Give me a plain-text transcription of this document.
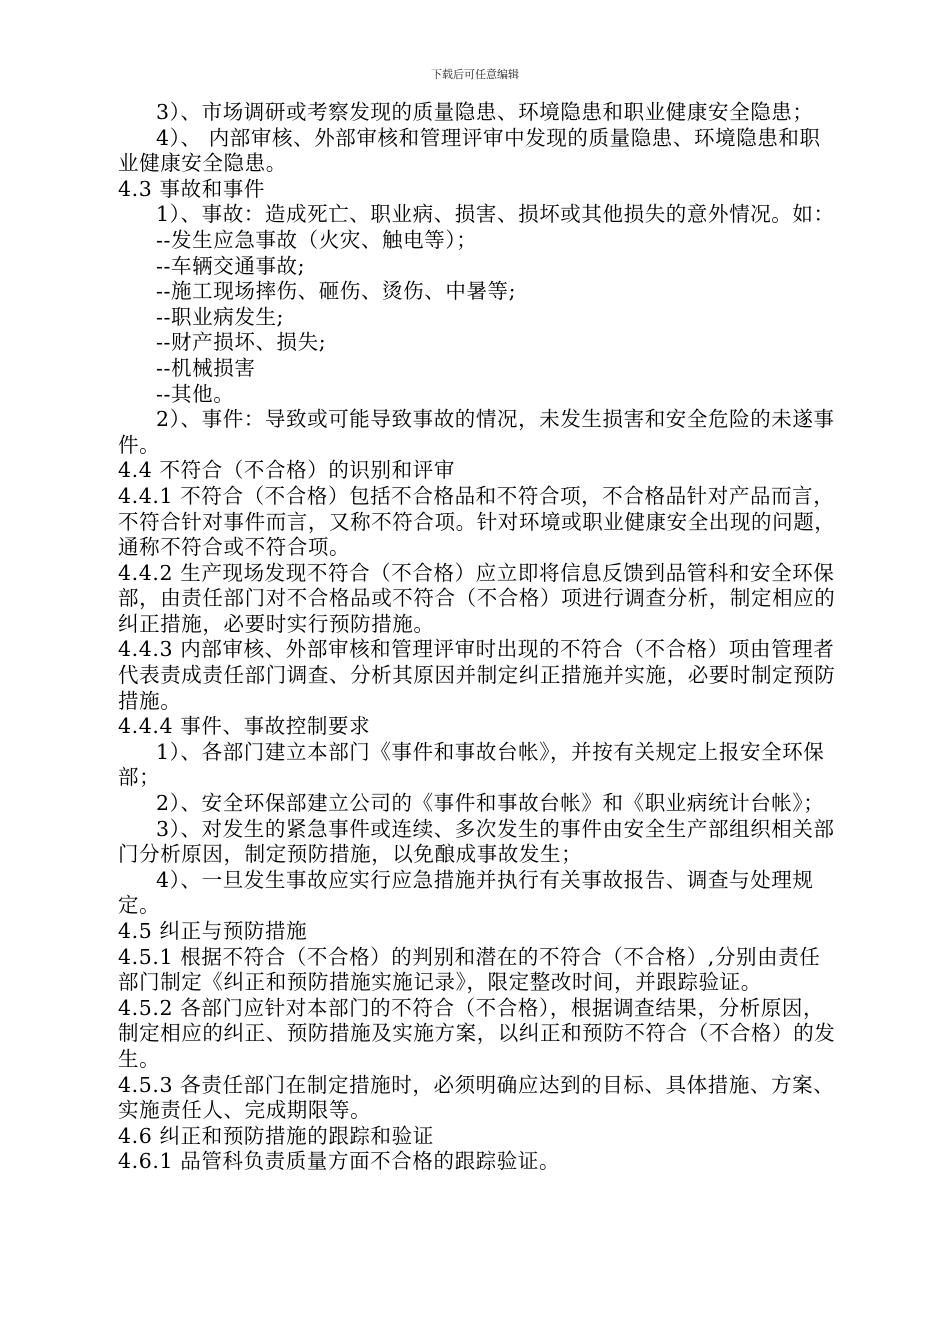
下载后可任意编辑

3）、市场调研或考察发现的质量隐患、环境隐患和职业健康安全隐患；

4）、 内部审核、外部审核和管理评审中发现的质量隐患、环境隐患和职业健康安全隐患。

4.3 事故和事件

1）、事故：造成死亡、职业病、损害、损坏或其他损失的意外情况。如：

--发生应急事故（火灾、触电等）；

--车辆交通事故;

--施工现场摔伤、砸伤、烫伤、中暑等;

--职业病发生;

--财产损坏、损失;

--机械损害

--其他。

2）、事件：导致或可能导致事故的情况，未发生损害和安全危险的未遂事件。

4.4 不符合（不合格）的识别和评审

4.4.1 不符合（不合格）包括不合格品和不符合项，不合格品针对产品而言，不符合针对事件而言，又称不符合项。针对环境或职业健康安全出现的问题，通称不符合或不符合项。

4.4.2 生产现场发现不符合（不合格）应立即将信息反馈到品管科和安全环保部，由责任部门对不合格品或不符合（不合格）项进行调查分析，制定相应的纠正措施，必要时实行预防措施。

4.4.3 内部审核、外部审核和管理评审时出现的不符合（不合格）项由管理者代表责成责任部门调查、分析其原因并制定纠正措施并实施，必要时制定预防措施。

4.4.4 事件、事故控制要求

1）、各部门建立本部门《事件和事故台帐》，并按有关规定上报安全环保部；

2）、安全环保部建立公司的《事件和事故台帐》和《职业病统计台帐》；

3）、对发生的紧急事件或连续、多次发生的事件由安全生产部组织相关部门分析原因，制定预防措施，以免酿成事故发生；

4）、一旦发生事故应实行应急措施并执行有关事故报告、调查与处理规定。

4.5 纠正与预防措施

4.5.1 根据不符合（不合格）的判别和潜在的不符合（不合格）,分别由责任部门制定《纠正和预防措施实施记录》，限定整改时间，并跟踪验证。

4.5.2 各部门应针对本部门的不符合（不合格），根据调查结果，分析原因，制定相应的纠正、预防措施及实施方案，以纠正和预防不符合（不合格）的发生。

4.5.3 各责任部门在制定措施时，必须明确应达到的目标、具体措施、方案、实施责任人、完成期限等。

4.6 纠正和预防措施的跟踪和验证

4.6.1 品管科负责质量方面不合格的跟踪验证。
